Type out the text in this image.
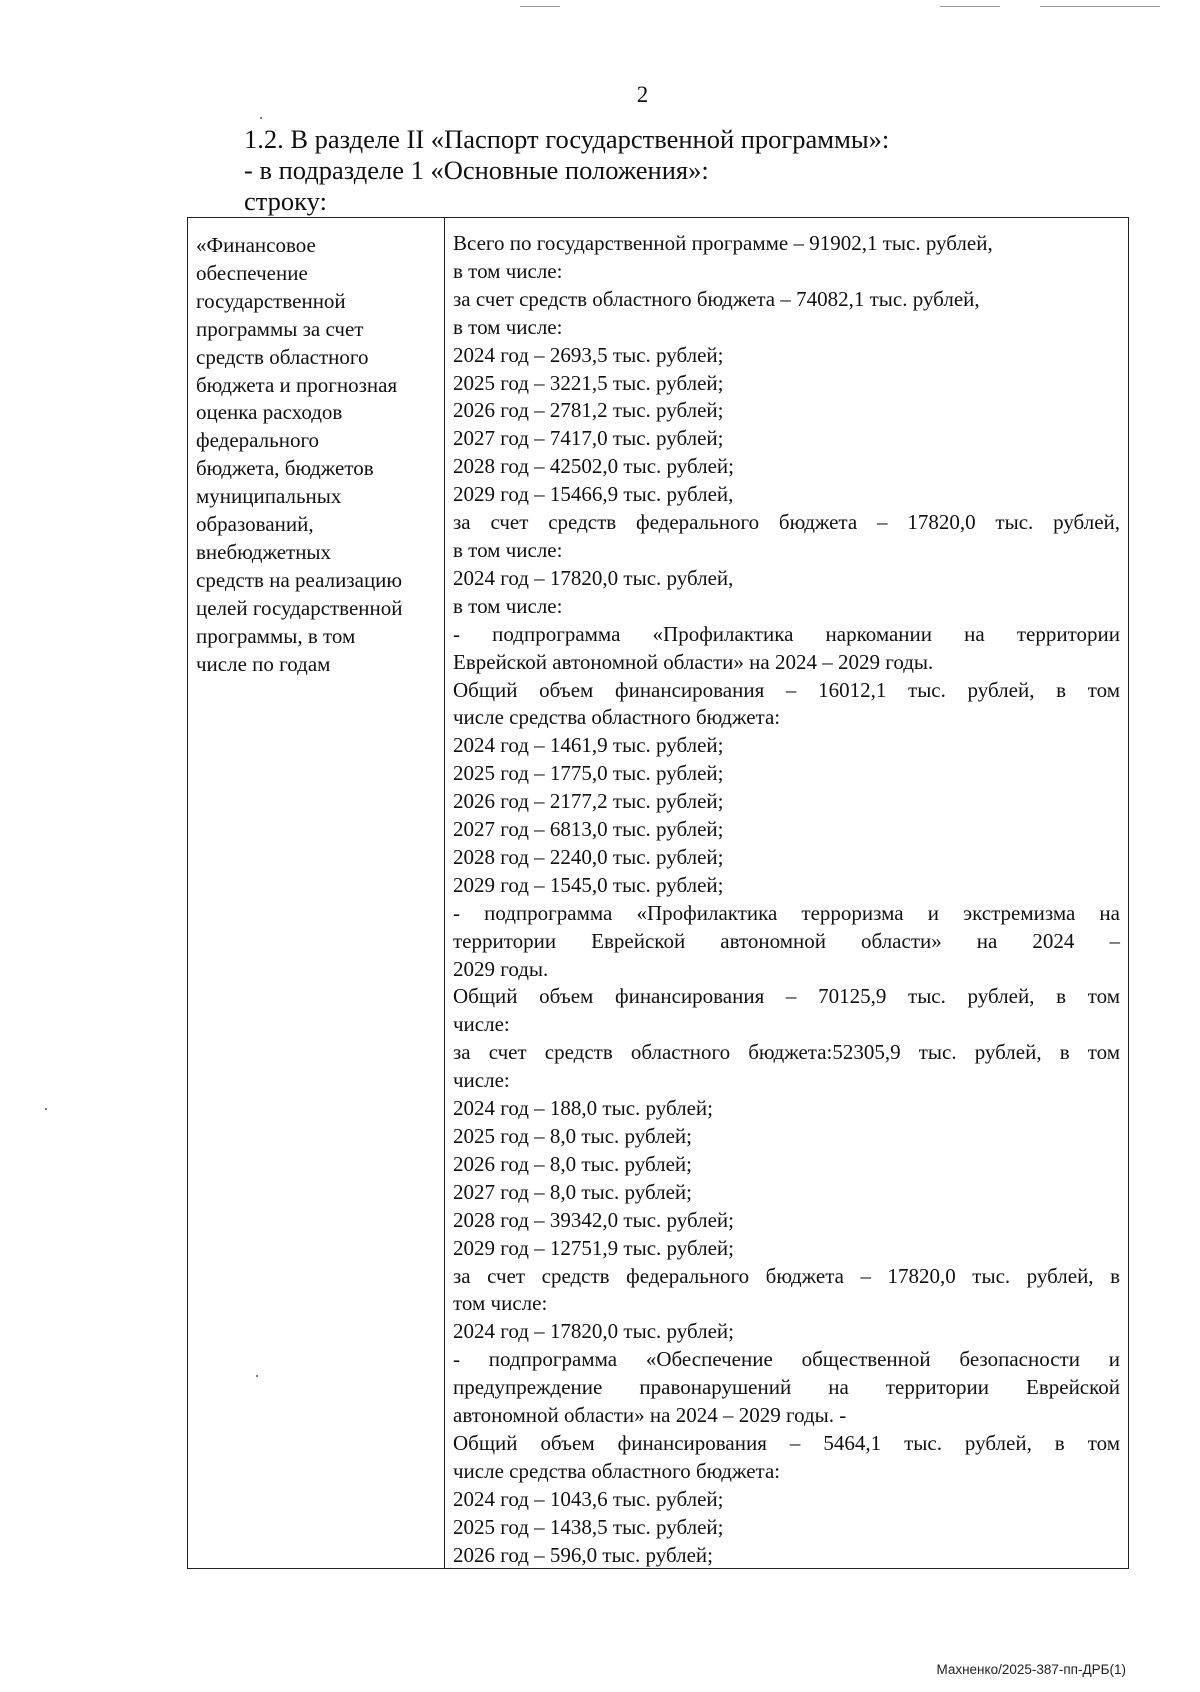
2
1.2. В разделе II «Паспорт государственной программы»:
- в подразделе 1 «Основные положения»:
строку:
«Финансовое
обеспечение
государственной
программы за счет
средств областного
бюджета и прогнозная
оценка расходов
федерального
бюджета, бюджетов
муниципальных
образований,
внебюджетных
средств на реализацию
целей государственной
программы, в том
числе по годам
Всего по государственной программе – 91902,1 тыс. рублей,
в том числе:
за счет средств областного бюджета – 74082,1 тыс. рублей,
в том числе:
2024 год – 2693,5 тыс. рублей;
2025 год – 3221,5 тыс. рублей;
2026 год – 2781,2 тыс. рублей;
2027 год – 7417,0 тыс. рублей;
2028 год – 42502,0 тыс. рублей;
2029 год – 15466,9 тыс. рублей,
за счет средств федерального бюджета – 17820,0 тыс. рублей,
в том числе:
2024 год – 17820,0 тыс. рублей,
в том числе:
- подпрограмма «Профилактика наркомании на территории
Еврейской автономной области» на 2024 – 2029 годы.
Общий объем финансирования – 16012,1 тыс. рублей, в том
числе средства областного бюджета:
2024 год – 1461,9 тыс. рублей;
2025 год – 1775,0 тыс. рублей;
2026 год – 2177,2 тыс. рублей;
2027 год – 6813,0 тыс. рублей;
2028 год – 2240,0 тыс. рублей;
2029 год – 1545,0 тыс. рублей;
- подпрограмма «Профилактика терроризма и экстремизма на
территории Еврейской автономной области» на 2024 –
2029 годы.
Общий объем финансирования – 70125,9 тыс. рублей, в том
числе:
за счет средств областного бюджета:52305,9 тыс. рублей, в том
числе:
2024 год – 188,0 тыс. рублей;
2025 год – 8,0 тыс. рублей;
2026 год – 8,0 тыс. рублей;
2027 год – 8,0 тыс. рублей;
2028 год – 39342,0 тыс. рублей;
2029 год – 12751,9 тыс. рублей;
за счет средств федерального бюджета – 17820,0 тыс. рублей, в
том числе:
2024 год – 17820,0 тыс. рублей;
- подпрограмма «Обеспечение общественной безопасности и
предупреждение правонарушений на территории Еврейской
автономной области» на 2024 – 2029 годы. -
Общий объем финансирования – 5464,1 тыс. рублей, в том
числе средства областного бюджета:
2024 год – 1043,6 тыс. рублей;
2025 год – 1438,5 тыс. рублей;
2026 год – 596,0 тыс. рублей;
Махненко/2025-387-пп-ДРБ(1)
